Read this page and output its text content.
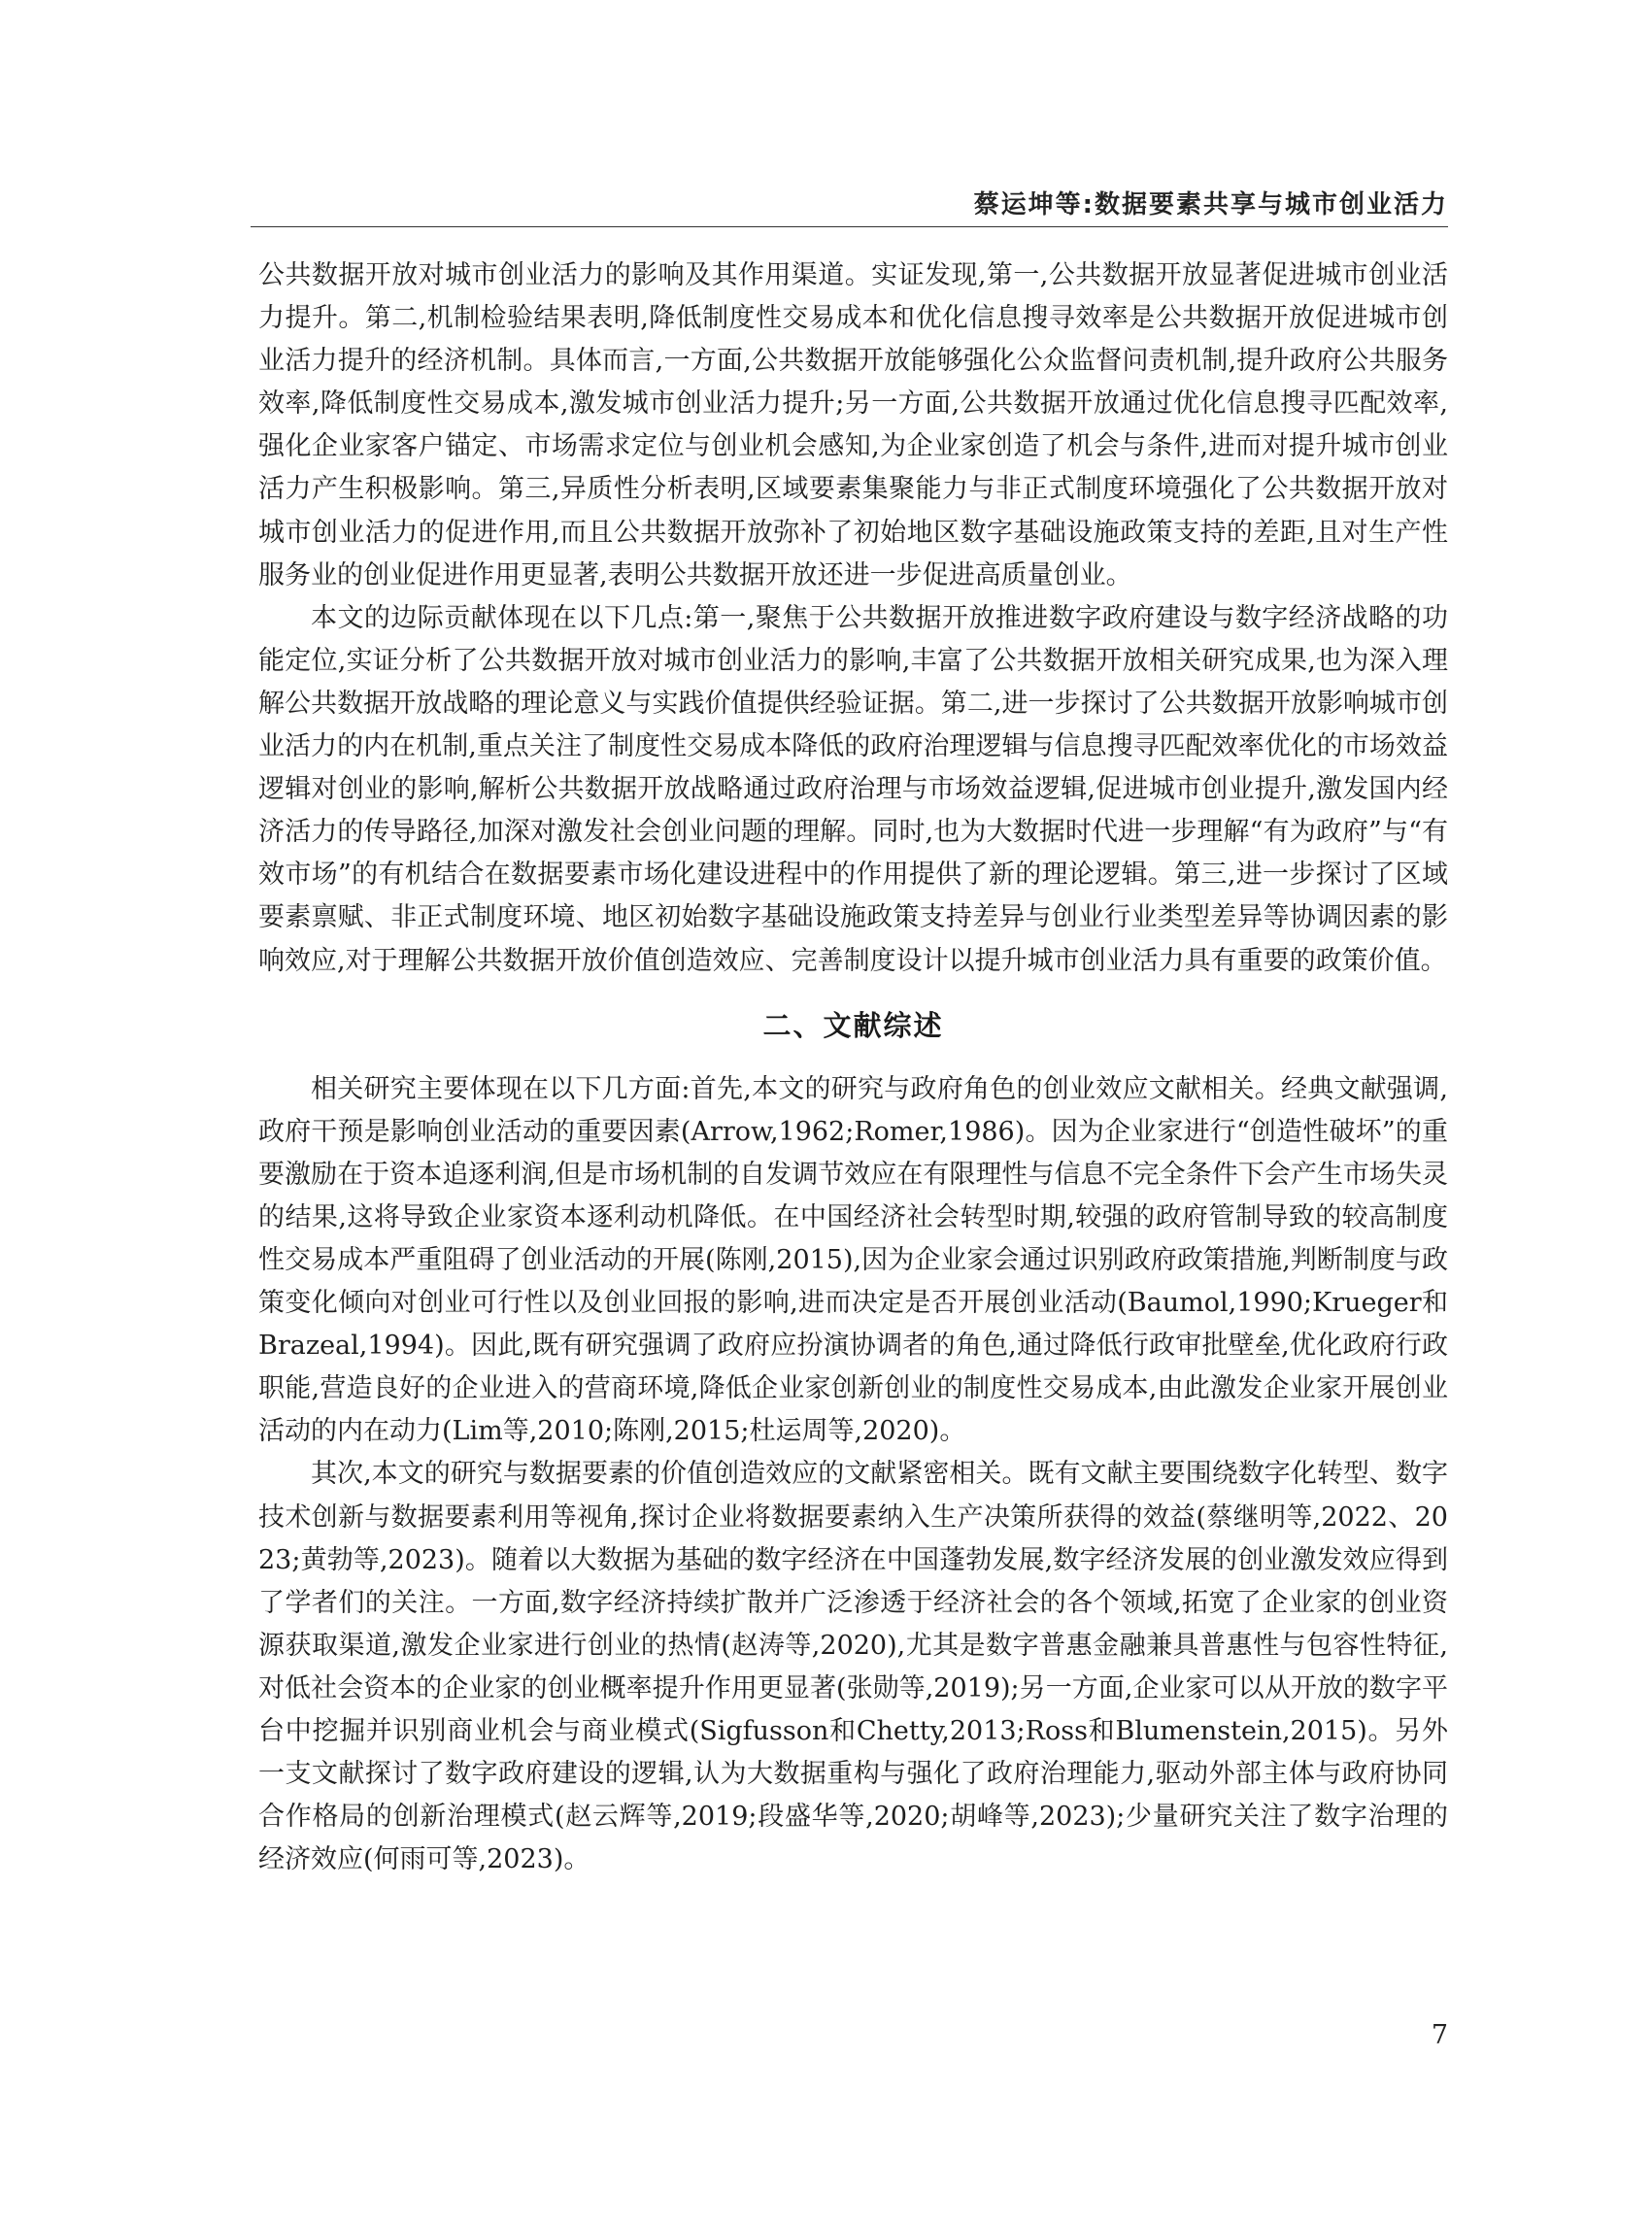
蔡运坤等:数据要素共享与城市创业活力

公共数据开放对城市创业活力的影响及其作用渠道。实证发现,第一,公共数据开放显著促进城市创业活力提升。第二,机制检验结果表明,降低制度性交易成本和优化信息搜寻效率是公共数据开放促进城市创业活力提升的经济机制。具体而言,一方面,公共数据开放能够强化公众监督问责机制,提升政府公共服务效率,降低制度性交易成本,激发城市创业活力提升;另一方面,公共数据开放通过优化信息搜寻匹配效率,强化企业家客户锚定、市场需求定位与创业机会感知,为企业家创造了机会与条件,进而对提升城市创业活力产生积极影响。第三,异质性分析表明,区域要素集聚能力与非正式制度环境强化了公共数据开放对城市创业活力的促进作用,而且公共数据开放弥补了初始地区数字基础设施政策支持的差距,且对生产性服务业的创业促进作用更显著,表明公共数据开放还进一步促进高质量创业。

本文的边际贡献体现在以下几点:第一,聚焦于公共数据开放推进数字政府建设与数字经济战略的功能定位,实证分析了公共数据开放对城市创业活力的影响,丰富了公共数据开放相关研究成果,也为深入理解公共数据开放战略的理论意义与实践价值提供经验证据。第二,进一步探讨了公共数据开放影响城市创业活力的内在机制,重点关注了制度性交易成本降低的政府治理逻辑与信息搜寻匹配效率优化的市场效益逻辑对创业的影响,解析公共数据开放战略通过政府治理与市场效益逻辑,促进城市创业提升,激发国内经济活力的传导路径,加深对激发社会创业问题的理解。同时,也为大数据时代进一步理解“有为政府”与“有效市场”的有机结合在数据要素市场化建设进程中的作用提供了新的理论逻辑。第三,进一步探讨了区域要素禀赋、非正式制度环境、地区初始数字基础设施政策支持差异与创业行业类型差异等协调因素的影响效应,对于理解公共数据开放价值创造效应、完善制度设计以提升城市创业活力具有重要的政策价值。

二、文献综述

相关研究主要体现在以下几方面:首先,本文的研究与政府角色的创业效应文献相关。经典文献强调,政府干预是影响创业活动的重要因素(Arrow,1962;Romer,1986)。因为企业家进行“创造性破坏”的重要激励在于资本追逐利润,但是市场机制的自发调节效应在有限理性与信息不完全条件下会产生市场失灵的结果,这将导致企业家资本逐利动机降低。在中国经济社会转型时期,较强的政府管制导致的较高制度性交易成本严重阻碍了创业活动的开展(陈刚,2015),因为企业家会通过识别政府政策措施,判断制度与政策变化倾向对创业可行性以及创业回报的影响,进而决定是否开展创业活动(Baumol,1990;Krueger和Brazeal,1994)。因此,既有研究强调了政府应扮演协调者的角色,通过降低行政审批壁垒,优化政府行政职能,营造良好的企业进入的营商环境,降低企业家创新创业的制度性交易成本,由此激发企业家开展创业活动的内在动力(Lim等,2010;陈刚,2015;杜运周等,2020)。

其次,本文的研究与数据要素的价值创造效应的文献紧密相关。既有文献主要围绕数字化转型、数字技术创新与数据要素利用等视角,探讨企业将数据要素纳入生产决策所获得的效益(蔡继明等,2022、2023;黄勃等,2023)。随着以大数据为基础的数字经济在中国蓬勃发展,数字经济发展的创业激发效应得到了学者们的关注。一方面,数字经济持续扩散并广泛渗透于经济社会的各个领域,拓宽了企业家的创业资源获取渠道,激发企业家进行创业的热情(赵涛等,2020),尤其是数字普惠金融兼具普惠性与包容性特征,对低社会资本的企业家的创业概率提升作用更显著(张勋等,2019);另一方面,企业家可以从开放的数字平台中挖掘并识别商业机会与商业模式(Sigfusson和Chetty,2013;Ross和Blumenstein,2015)。另外一支文献探讨了数字政府建设的逻辑,认为大数据重构与强化了政府治理能力,驱动外部主体与政府协同合作格局的创新治理模式(赵云辉等,2019;段盛华等,2020;胡峰等,2023);少量研究关注了数字治理的经济效应(何雨可等,2023)。

7
